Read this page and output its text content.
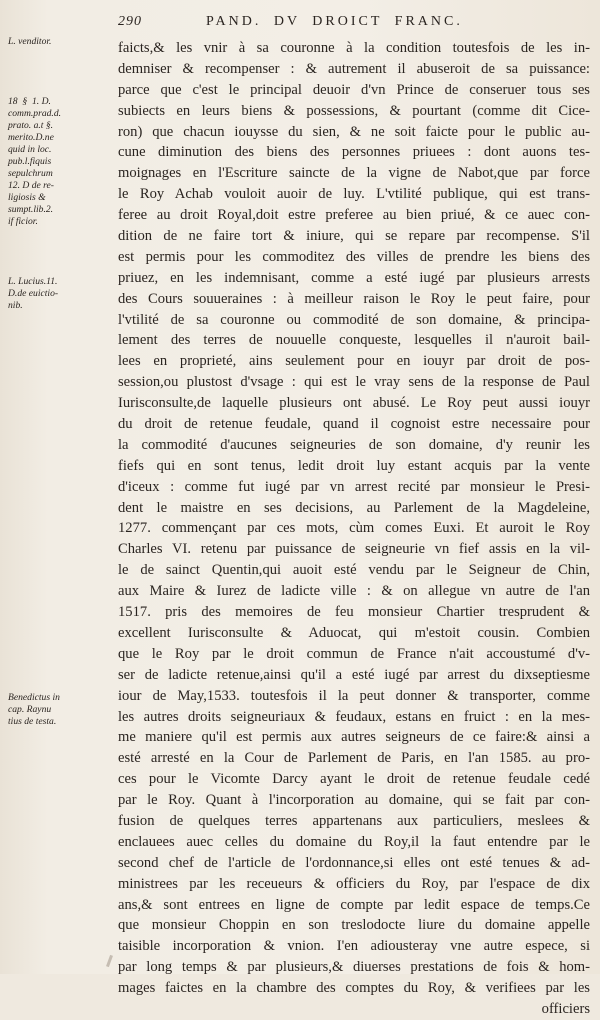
290	PAND. DV DROICT FRANC.
L. venditor.
18  §  1. D.
comm.prad.d.
prato. a.t §.
merito.D.ne
quid in loc.
pub.l.fiquis
sepulchrum
12. D de re-
ligiosis &
sumpt.lib.2.
if ficior.
L. Lucius.11.
D.de euictio-
nib.
Benedictus in
cap. Raynu
tius de testa.
faicts,& les vnir à sa couronne à la condition toutesfois de les in-
demniser & recompenser : & autrement il abuseroit de sa puissance:
parce que c'est le principal deuoir d'vn Prince de conseruer tous ses
subiects en leurs biens & possessions, & pourtant (comme dit Cice-
ron) que chacun iouysse du sien, & ne soit faicte pour le public au-
cune diminution des biens des personnes priuees : dont auons tes-
moignages en l'Escriture saincte de la vigne de Nabot,que par force
le Roy Achab vouloit auoir de luy. L'vtilité publique, qui est trans-
feree au droit Royal,doit estre preferee au bien priué, & ce auec con-
dition de ne faire tort & iniure, qui se repare par recompense. S'il
est permis pour les commoditez des villes de prendre les biens des
priuez, en les indemnisant, comme a esté iugé par plusieurs arrests
des Cours souueraines : à meilleur raison le Roy le peut faire, pour
l'vtilité de sa couronne ou commodité de son domaine, & principa-
lement des terres de nouuelle conqueste, lesquelles il n'auroit bail-
lees en proprieté, ains seulement pour en iouyr par droit de pos-
session,ou plustost d'vsage : qui est le vray sens de la response de Paul
Iurisconsulte,de laquelle plusieurs ont abusé. Le Roy peut aussi iouyr
du droit de retenue feudale, quand il cognoist estre necessaire pour
la commodité d'aucunes seigneuries de son domaine, d'y reunir les
fiefs qui en sont tenus, ledit droit luy estant acquis par la vente
d'iceux : comme fut iugé par vn arrest recité par monsieur le Presi-
dent le maistre en ses decisions, au Parlement de la Magdeleine,
1277. commençant par ces mots, cùm comes Euxi. Et auroit le Roy
Charles VI. retenu par puissance de seigneurie vn fief assis en la vil-
le de sainct Quentin,qui auoit esté vendu par le Seigneur de Chin,
aux Maire & Iurez de ladicte ville : & on allegue vn autre de l'an
1517. pris des memoires de feu monsieur Chartier tresprudent &
excellent Iurisconsulte & Aduocat, qui m'estoit cousin. Combien
que le Roy par le droit commun de France n'ait accoustumé d'v-
ser de ladicte retenue,ainsi qu'il a esté iugé par arrest du dixseptiesme
iour de May,1533. toutesfois il la peut donner & transporter, comme
les autres droits seigneuriaux & feudaux, estans en fruict : en la mes-
me maniere qu'il est permis aux autres seigneurs de ce faire:& ainsi a
esté arresté en la Cour de Parlement de Paris, en l'an 1585. au pro-
ces pour le Vicomte Darcy ayant le droit de retenue feudale cedé
par le Roy. Quant à l'incorporation au domaine, qui se fait par con-
fusion de quelques terres appartenans aux particuliers, meslees &
enclauees auec celles du domaine du Roy,il la faut entendre par le
second chef de l'article de l'ordonnance,si elles ont esté tenues & ad-
ministrees par les receueurs & officiers du Roy, par l'espace de dix
ans,& sont entrees en ligne de compte par ledit espace de temps.Ce
que monsieur Choppin en son treslodocte liure du domaine appelle
taisible incorporation & vnion. I'en adiousteray vne autre espece, si
par long temps & par plusieurs,& diuerses prestations de fois & hom-
mages faictes en la chambre des comptes du Roy, & verifiees par les
officiers
